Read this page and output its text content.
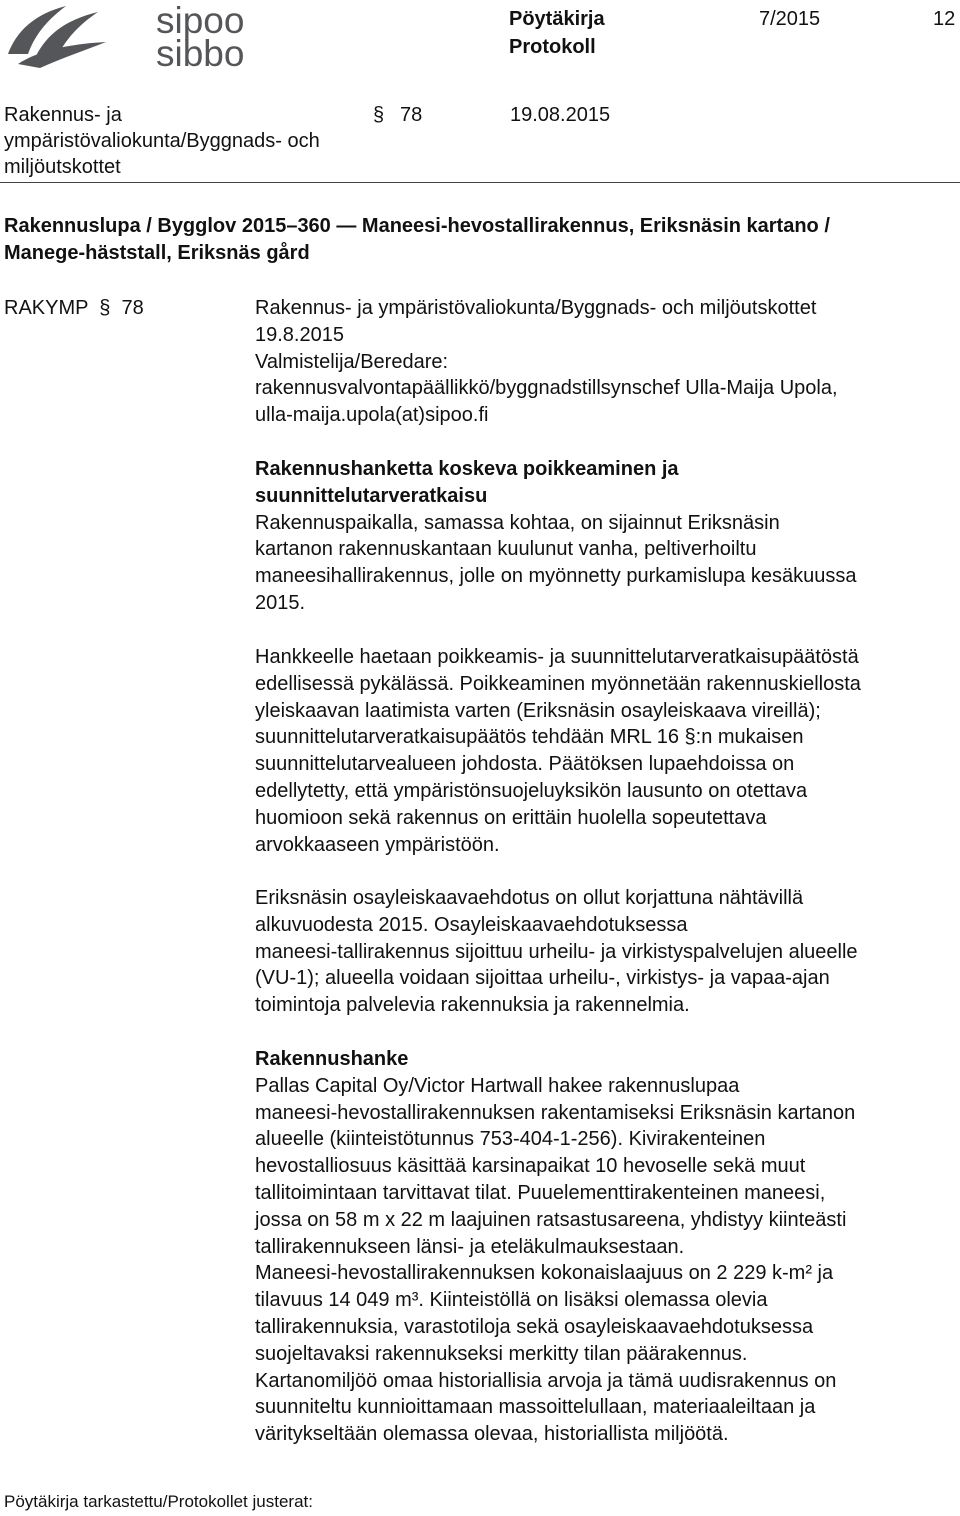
sipoo
sibbo
Pöytäkirja
Protokoll
7/2015	12
Rakennus- ja
ympäristövaliokunta/Byggnads- och
miljöutskottet
§ 78	19.08.2015
Rakennuslupa / Bygglov 2015–360 — Maneesi-hevostallirakennus, Eriksnäsin kartano /
Manege-häststall, Eriksnäs gård
RAKYMP  §  78	Rakennus- ja ympäristövaliokunta/Byggnads- och miljöutskottet
19.8.2015
Valmistelija/Beredare:
rakennusvalvontapäällikkö/byggnadstillsynschef Ulla-Maija Upola,
ulla-maija.upola(at)sipoo.fi
Rakennushanketta koskeva poikkeaminen ja
suunnittelutarveratkaisu
Rakennuspaikalla, samassa kohtaa, on sijainnut Eriksnäsin
kartanon rakennuskantaan kuulunut vanha, peltiverhoiltu
maneesihallirakennus, jolle on myönnetty purkamislupa kesäkuussa
2015.
Hankkeelle haetaan poikkeamis- ja suunnittelutarveratkaisupäätöstä
edellisessä pykälässä. Poikkeaminen myönnetään rakennuskiellosta
yleiskaavan laatimista varten (Eriksnäsin osayleiskaava vireillä);
suunnittelutarveratkaisupäätös tehdään MRL 16 §:n mukaisen
suunnittelutarvealueen johdosta. Päätöksen lupaehdoissa on
edellytetty, että ympäristönsuojeluyksikön lausunto on otettava
huomioon sekä rakennus on erittäin huolella sopeutettava
arvokkaaseen ympäristöön.
Eriksnäsin osayleiskaavaehdotus on ollut korjattuna nähtävillä
alkuvuodesta 2015. Osayleiskaavaehdotuksessa
maneesi-tallirakennus sijoittuu urheilu- ja virkistyspalvelujen alueelle
(VU-1); alueella voidaan sijoittaa urheilu-, virkistys- ja vapaa-ajan
toimintoja palvelevia rakennuksia ja rakennelmia.
Rakennushanke
Pallas Capital Oy/Victor Hartwall hakee rakennuslupaa
maneesi-hevostallirakennuksen rakentamiseksi Eriksnäsin kartanon
alueelle (kiinteistötunnus 753-404-1-256). Kivirakenteinen
hevostalliosuus käsittää karsinapaikat 10 hevoselle sekä muut
tallitoimintaan tarvittavat tilat. Puuelementtirakenteinen maneesi,
jossa on 58 m x 22 m laajuinen ratsastusareena, yhdistyy kiinteästi
tallirakennukseen länsi- ja eteläkulmauksestaan.
Maneesi-hevostallirakennuksen kokonaislaajuus on 2 229 k-m² ja
tilavuus 14 049 m³. Kiinteistöllä on lisäksi olemassa olevia
tallirakennuksia, varastotiloja sekä osayleiskaavaehdotuksessa
suojeltavaksi rakennukseksi merkitty tilan päärakennus.
Kartanomiljöö omaa historiallisia arvoja ja tämä uudisrakennus on
suunniteltu kunnioittamaan massoittelullaan, materiaaleiltaan ja
väritykseltään olemassa olevaa, historiallista miljöötä.
Pöytäkirja tarkastettu/Protokollet justerat:
